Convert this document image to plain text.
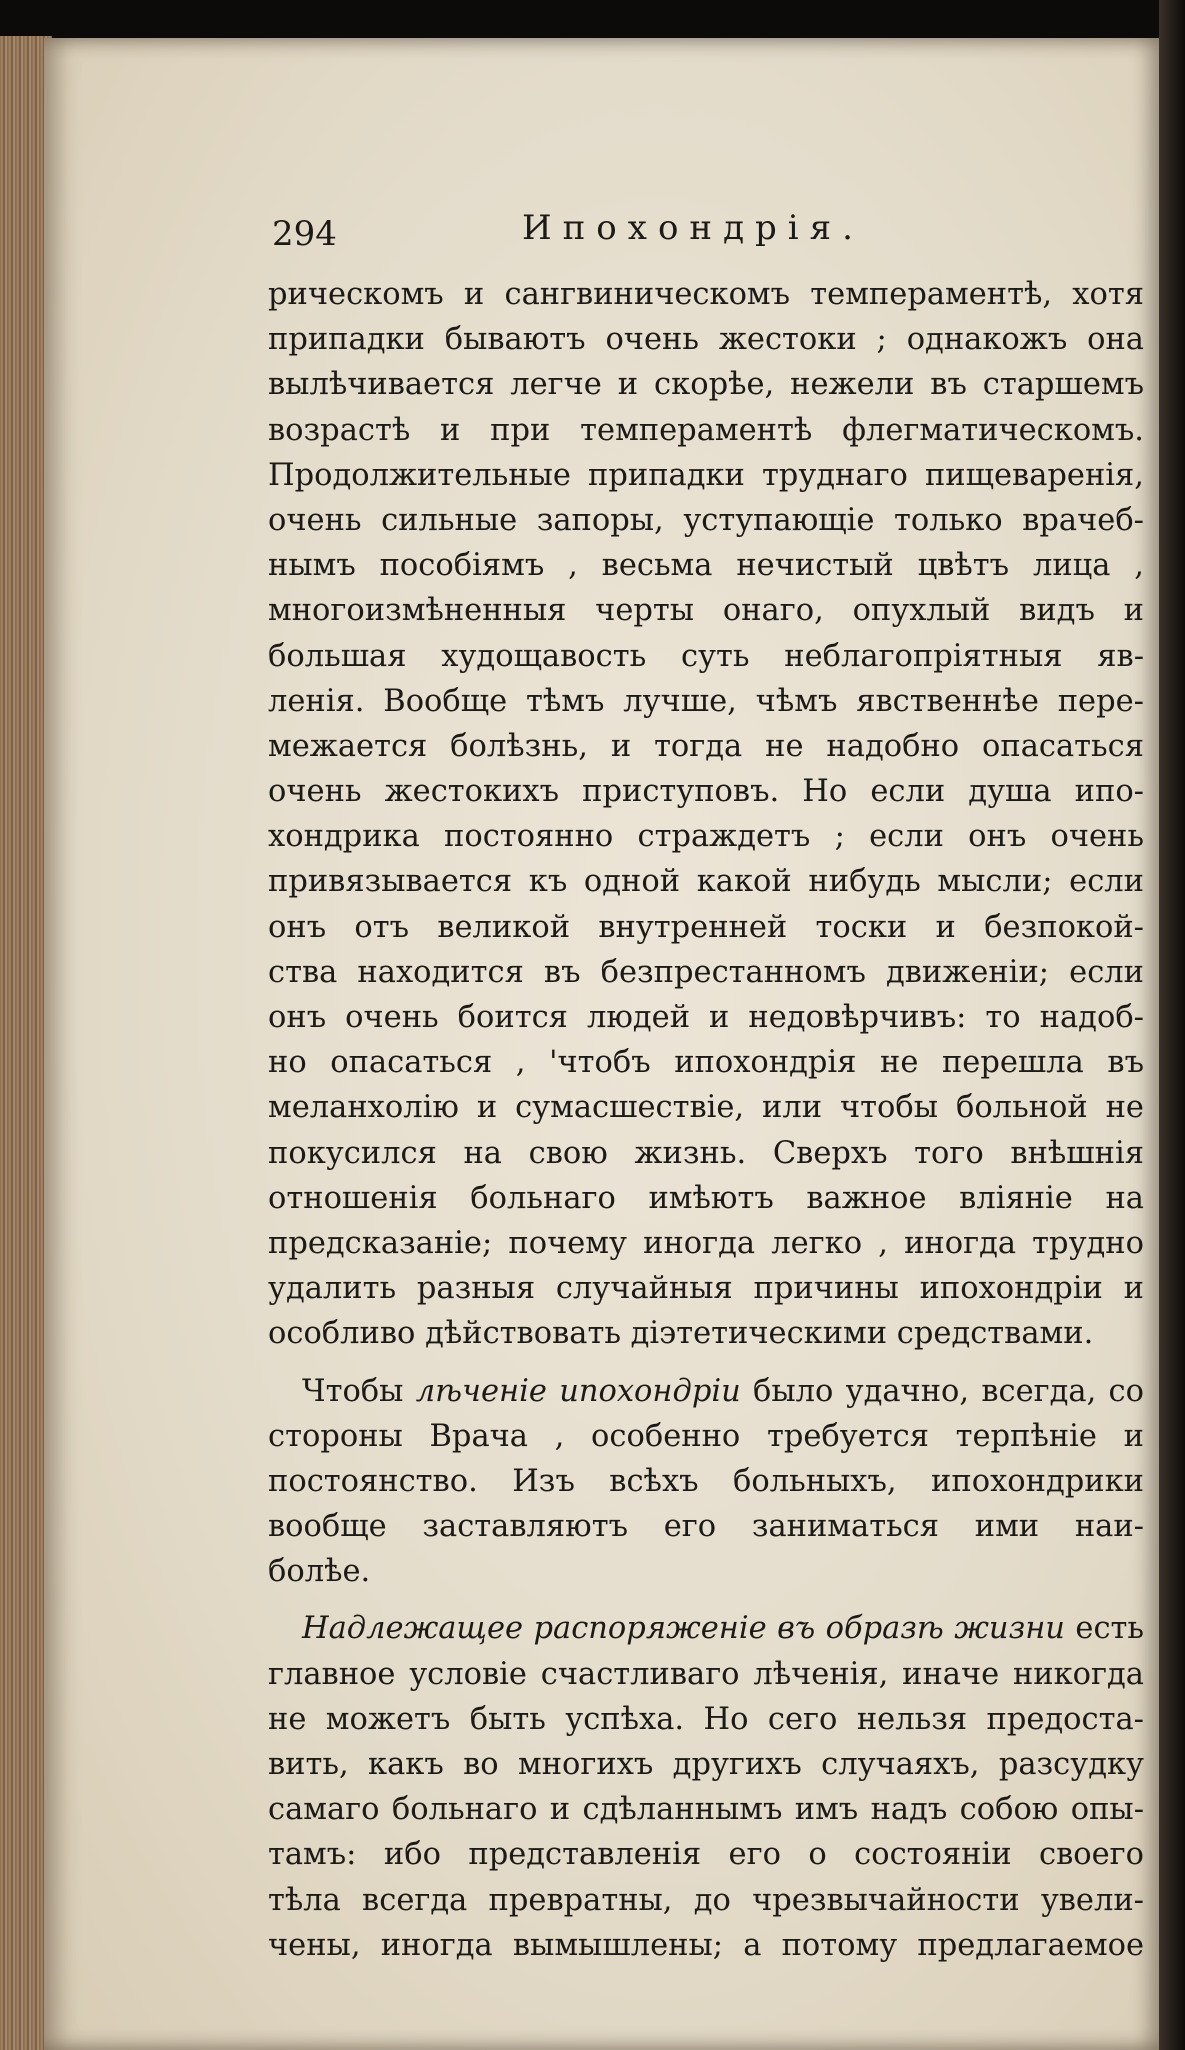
294	Ипохондрія.

рическомъ и сангвиническомъ темпераментѣ, хотя

припадки бываютъ очень жестоки ; однакожъ она

вылѣчивается легче и скорѣе, нежели въ старшемъ

возрастѣ и при темпераментѣ флегматическомъ.

Продолжительные припадки труднаго пищеваренія,

очень сильные запоры, уступающіе только врачеб-

нымъ пособіямъ , весьма нечистый цвѣтъ лица ,

многоизмѣненныя черты онаго, опухлый видъ и

большая худощавость суть неблагопріятныя яв-

ленія. Вообще тѣмъ лучше, чѣмъ явственнѣе пере-

межается болѣзнь, и тогда не надобно опасаться

очень жестокихъ приступовъ. Но если душа ипо-

хондрика постоянно страждетъ ; если онъ очень

привязывается къ одной какой нибудь мысли; если

онъ отъ великой внутренней тоски и безпокой-

ства находится въ безпрестанномъ движеніи; если

онъ очень боится людей и недовѣрчивъ: то надоб-

но опасаться , 'чтобъ ипохондрія не перешла въ

меланхолію и сумасшествіе, или чтобы больной не

покусился на свою жизнь. Сверхъ того внѣшнія

отношенія больнаго имѣютъ важное вліяніе на

предсказаніе; почему иногда легко , иногда трудно

удалить разныя случайныя причины ипохондріи и

особливо дѣйствовать діэтетическими средствами.

Чтобы лѣченіе ипохондріи было удачно, всегда, со

стороны Врача , особенно требуется терпѣніе и

постоянство. Изъ всѣхъ больныхъ, ипохондрики

вообще заставляютъ его заниматься ими наи-

болѣе.

Надлежащее распоряженіе въ образѣ жизни есть

главное условіе счастливаго лѣченія, иначе никогда

не можетъ быть успѣха. Но сего нельзя предоста-

вить, какъ во многихъ другихъ случаяхъ, разсудку

самаго больнаго и сдѣланнымъ имъ надъ собою опы-

тамъ: ибо представленія его о состояніи своего

тѣла всегда превратны, до чрезвычайности увели-

чены, иногда вымышлены; а потому предлагаемое
